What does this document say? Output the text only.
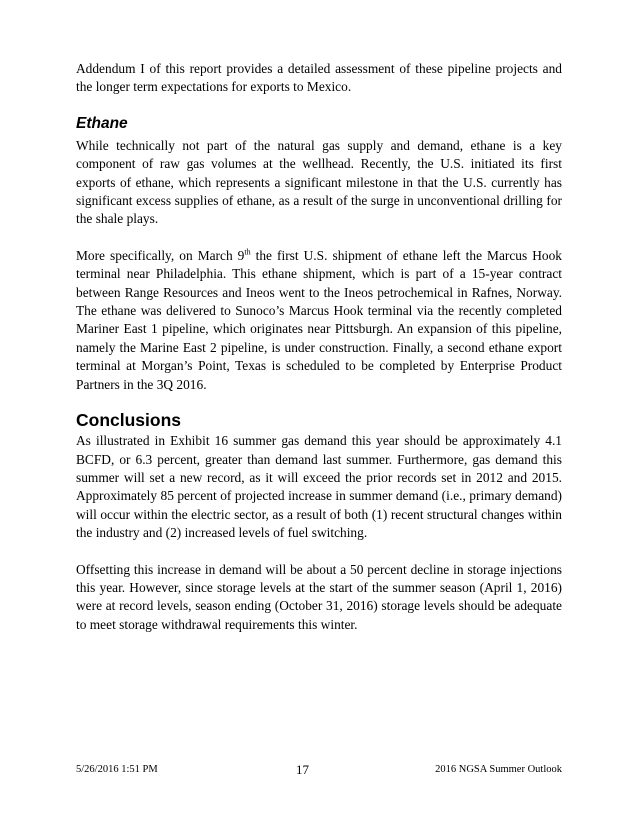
Addendum I of this report provides a detailed assessment of these pipeline projects and the longer term expectations for exports to Mexico.

Ethane

While technically not part of the natural gas supply and demand, ethane is a key component of raw gas volumes at the wellhead. Recently, the U.S. initiated its first exports of ethane, which represents a significant milestone in that the U.S. currently has significant excess supplies of ethane, as a result of the surge in unconventional drilling for the shale plays.

More specifically, on March 9th the first U.S. shipment of ethane left the Marcus Hook terminal near Philadelphia. This ethane shipment, which is part of a 15-year contract between Range Resources and Ineos went to the Ineos petrochemical in Rafnes, Norway. The ethane was delivered to Sunoco’s Marcus Hook terminal via the recently completed Mariner East 1 pipeline, which originates near Pittsburgh. An expansion of this pipeline, namely the Marine East 2 pipeline, is under construction. Finally, a second ethane export terminal at Morgan’s Point, Texas is scheduled to be completed by Enterprise Product Partners in the 3Q 2016.

Conclusions

As illustrated in Exhibit 16 summer gas demand this year should be approximately 4.1 BCFD, or 6.3 percent, greater than demand last summer. Furthermore, gas demand this summer will set a new record, as it will exceed the prior records set in 2012 and 2015. Approximately 85 percent of projected increase in summer demand (i.e., primary demand) will occur within the electric sector, as a result of both (1) recent structural changes within the industry and (2) increased levels of fuel switching.

Offsetting this increase in demand will be about a 50 percent decline in storage injections this year. However, since storage levels at the start of the summer season (April 1, 2016) were at record levels, season ending (October 31, 2016) storage levels should be adequate to meet storage withdrawal requirements this winter.

5/26/2016 1:51 PM	17	2016 NGSA Summer Outlook
